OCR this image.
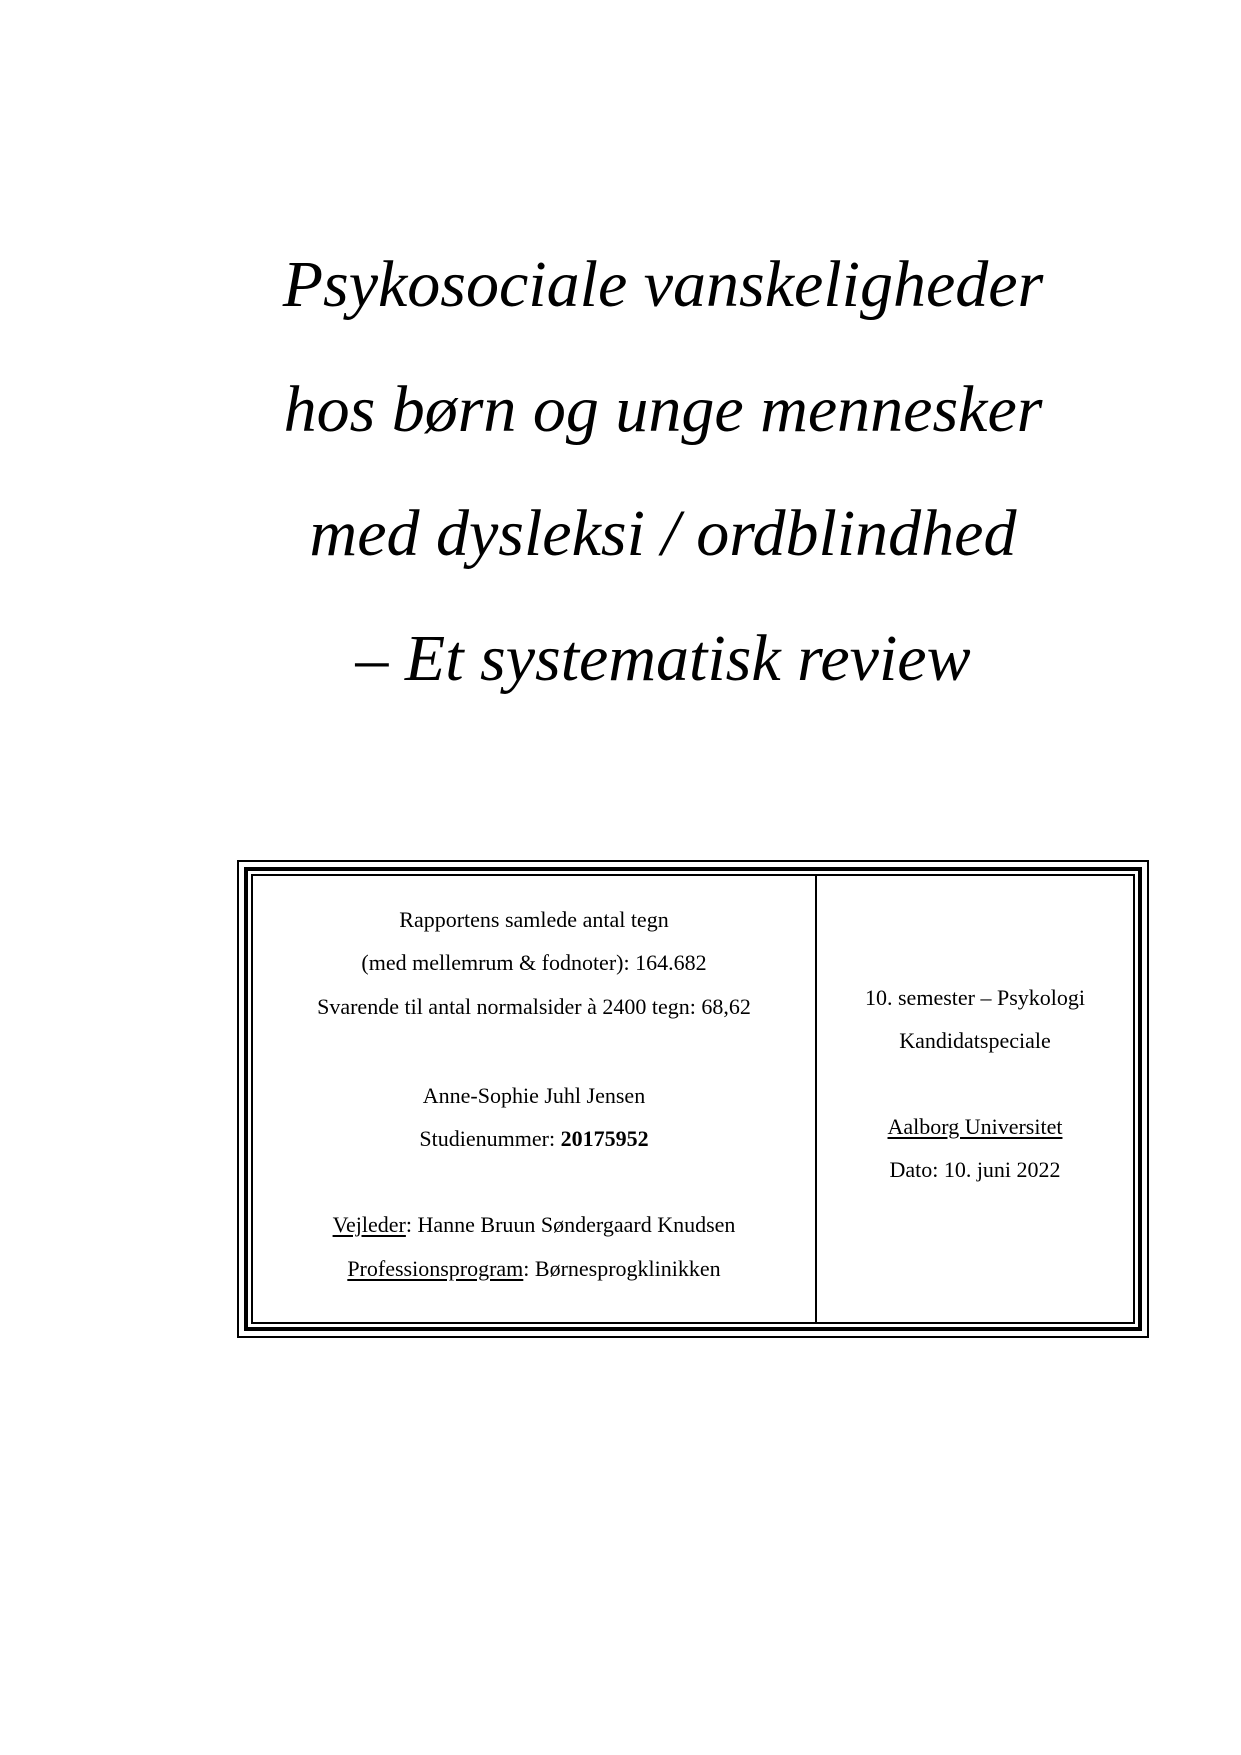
Psykosociale vanskeligheder
hos børn og unge mennesker
med dysleksi / ordblindhed
– Et systematisk review
Rapportens samlede antal tegn
(med mellemrum & fodnoter): 164.682
Svarende til antal normalsider à 2400 tegn: 68,62
Anne-Sophie Juhl Jensen
Studienummer: 20175952
Vejleder: Hanne Bruun Søndergaard Knudsen
Professionsprogram: Børnesprogklinikken
10. semester – Psykologi
Kandidatspeciale
Aalborg Universitet
Dato: 10. juni 2022
